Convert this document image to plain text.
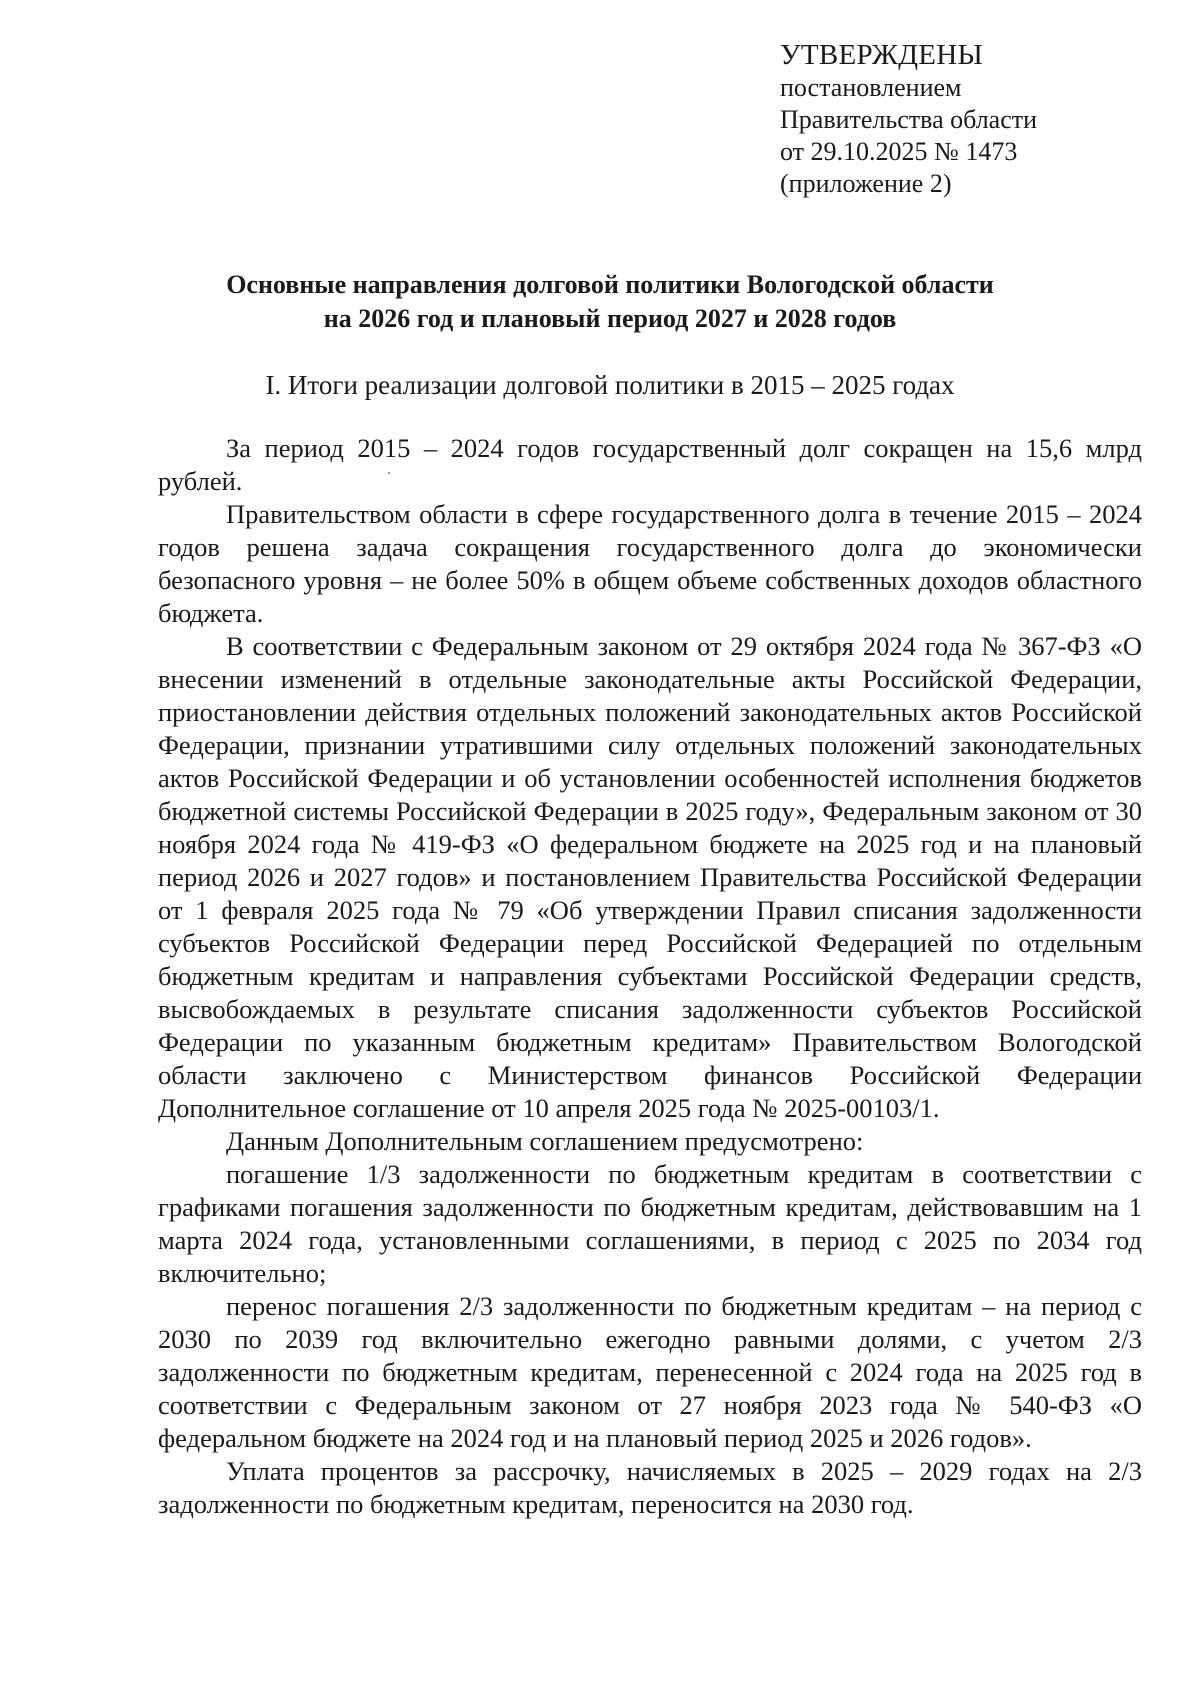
УТВЕРЖДЕНЫ
постановлением
Правительства области
от 29.10.2025 № 1473
(приложение 2)
Основные направления долговой политики Вологодской области
на 2026 год и плановый период 2027 и 2028 годов
I. Итоги реализации долговой политики в 2015 – 2025 годах

За период 2015 – 2024 годов государственный долг сокращен на 15,6 млрд рублей.

Правительством области в сфере государственного долга в течение 2015 – 2024 годов решена задача сокращения государственного долга до экономически безопасного уровня – не более 50% в общем объеме собственных доходов областного бюджета.

В соответствии с Федеральным законом от 29 октября 2024 года № 367-ФЗ «О внесении изменений в отдельные законодательные акты Российской Федерации, приостановлении действия отдельных положений законодательных актов Российской Федерации, признании утратившими силу отдельных положений законодательных актов Российской Федерации и об установлении особенностей исполнения бюджетов бюджетной системы Российской Федерации в 2025 году», Федеральным законом от 30 ноября 2024 года № 419-ФЗ «О федеральном бюджете на 2025 год и на плановый период 2026 и 2027 годов» и постановлением Правительства Российской Федерации от 1 февраля 2025 года № 79 «Об утверждении Правил списания задолженности субъектов Российской Федерации перед Российской Федерацией по отдельным бюджетным кредитам и направления субъектами Российской Федерации средств, высвобождаемых в результате списания задолженности субъектов Российской Федерации по указанным бюджетным кредитам» Правительством Вологодской области заключено с Министерством финансов Российской Федерации Дополнительное соглашение от 10 апреля 2025 года № 2025-00103/1.

Данным Дополнительным соглашением предусмотрено:

погашение 1/3 задолженности по бюджетным кредитам в соответствии с графиками погашения задолженности по бюджетным кредитам, действовавшим на 1 марта 2024 года, установленными соглашениями, в период с 2025 по 2034 год включительно;

перенос погашения 2/3 задолженности по бюджетным кредитам – на период с 2030 по 2039 год включительно ежегодно равными долями, с учетом 2/3 задолженности по бюджетным кредитам, перенесенной с 2024 года на 2025 год в соответствии с Федеральным законом от 27 ноября 2023 года № 540-ФЗ «О федеральном бюджете на 2024 год и на плановый период 2025 и 2026 годов».

Уплата процентов за рассрочку, начисляемых в 2025 – 2029 годах на 2/3 задолженности по бюджетным кредитам, переносится на 2030 год.
